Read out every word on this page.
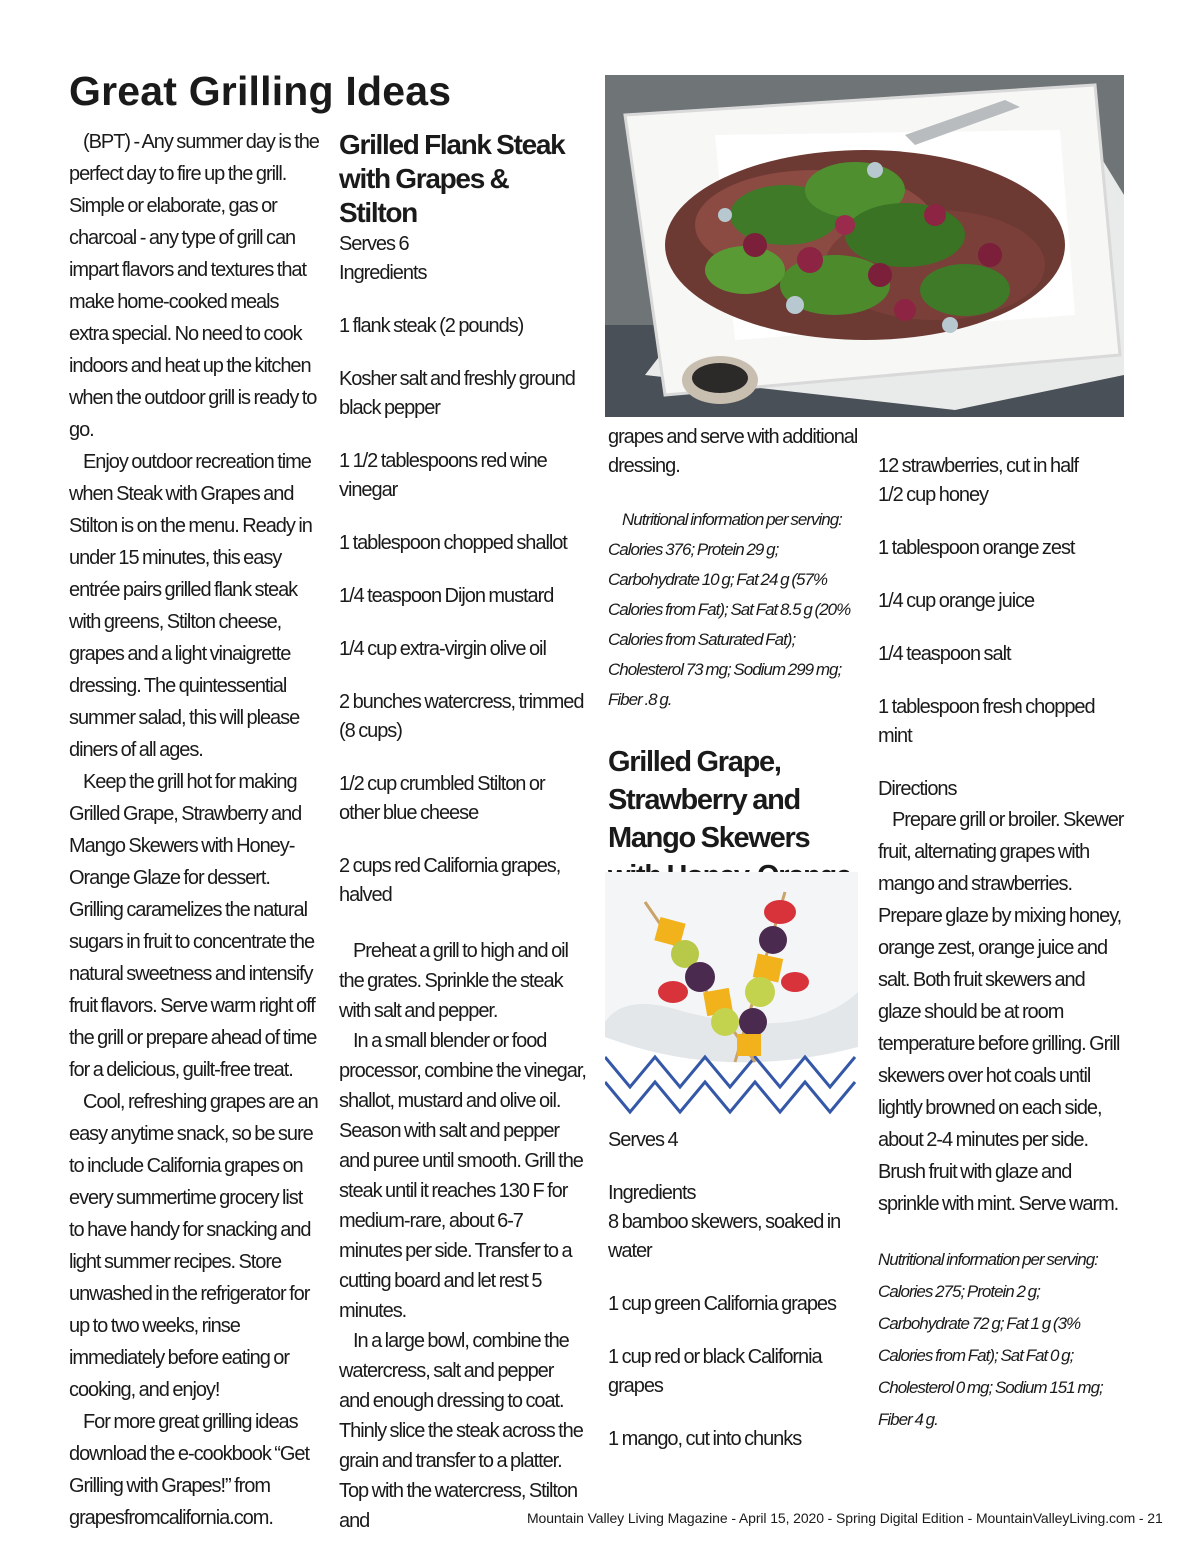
Great Grilling Ideas

(BPT) - Any summer day is the perfect day to fire up the grill. Simple or elaborate, gas or charcoal - any type of grill can impart flavors and textures that make home-cooked meals extra special. No need to cook indoors and heat up the kitchen when the outdoor grill is ready to go.

Enjoy outdoor recreation time when Steak with Grapes and Stilton is on the menu. Ready in under 15 minutes, this easy entrée pairs grilled flank steak with greens, Stilton cheese, grapes and a light vinaigrette dressing. The quintessential summer salad, this will please diners of all ages.

Keep the grill hot for making Grilled Grape, Strawberry and Mango Skewers with Honey-Orange Glaze for dessert. Grilling caramelizes the natural sugars in fruit to concentrate the natural sweetness and intensify fruit flavors. Serve warm right off the grill or prepare ahead of time for a delicious, guilt-free treat.

Cool, refreshing grapes are an easy anytime snack, so be sure to include California grapes on every summertime grocery list to have handy for snacking and light summer recipes. Store unwashed in the refrigerator for up to two weeks, rinse immediately before eating or cooking, and enjoy!

For more great grilling ideas download the e-cookbook “Get Grilling with Grapes!” from grapesfromcalifornia.com.

Grilled Flank Steak with Grapes & Stilton

Serves 6

Ingredients

1 flank steak (2 pounds)

Kosher salt and freshly ground black pepper

1 1/2 tablespoons red wine vinegar

1 tablespoon chopped shallot

1/4 teaspoon Dijon mustard

1/4 cup extra-virgin olive oil

2 bunches watercress, trimmed (8 cups)

1/2 cup crumbled Stilton or other blue cheese

2 cups red California grapes, halved

Preheat a grill to high and oil the grates. Sprinkle the steak with salt and pepper.

In a small blender or food processor, combine the vinegar, shallot, mustard and olive oil. Season with salt and pepper and puree until smooth. Grill the steak until it reaches 130 F for medium-rare, about 6-7 minutes per side. Transfer to a cutting board and let rest 5 minutes.

In a large bowl, combine the watercress, salt and pepper and enough dressing to coat. Thinly slice the steak across the grain and transfer to a platter. Top with the watercress, Stilton and

grapes and serve with additional dressing.

Nutritional information per serving: Calories 376; Protein 29 g; Carbohydrate 10 g; Fat 24 g (57% Calories from Fat); Sat Fat 8.5 g (20% Calories from Saturated Fat); Cholesterol 73 mg; Sodium 299 mg; Fiber .8 g.

Grilled Grape, Strawberry and Mango Skewers

Serves 4

Ingredients

8 bamboo skewers, soaked in water

1 cup green California grapes

1 cup red or black California grapes

1 mango, cut into chunks

12 strawberries, cut in half

1/2 cup honey

1 tablespoon orange zest

1/4 cup orange juice

1/4 teaspoon salt

1 tablespoon fresh chopped mint

Directions

Prepare grill or broiler. Skewer fruit, alternating grapes with mango and strawberries. Prepare glaze by mixing honey, orange zest, orange juice and salt. Both fruit skewers and glaze should be at room temperature before grilling. Grill skewers over hot coals until lightly browned on each side, about 2-4 minutes per side. Brush fruit with glaze and sprinkle with mint. Serve warm.

Nutritional information per serving: Calories 275; Protein 2 g; Carbohydrate 72 g; Fat 1 g (3% Calories from Fat); Sat Fat 0 g; Cholesterol 0 mg; Sodium 151 mg; Fiber 4 g.

Mountain Valley Living Magazine - April 15, 2020 - Spring Digital Edition - MountainValleyLiving.com - 21
